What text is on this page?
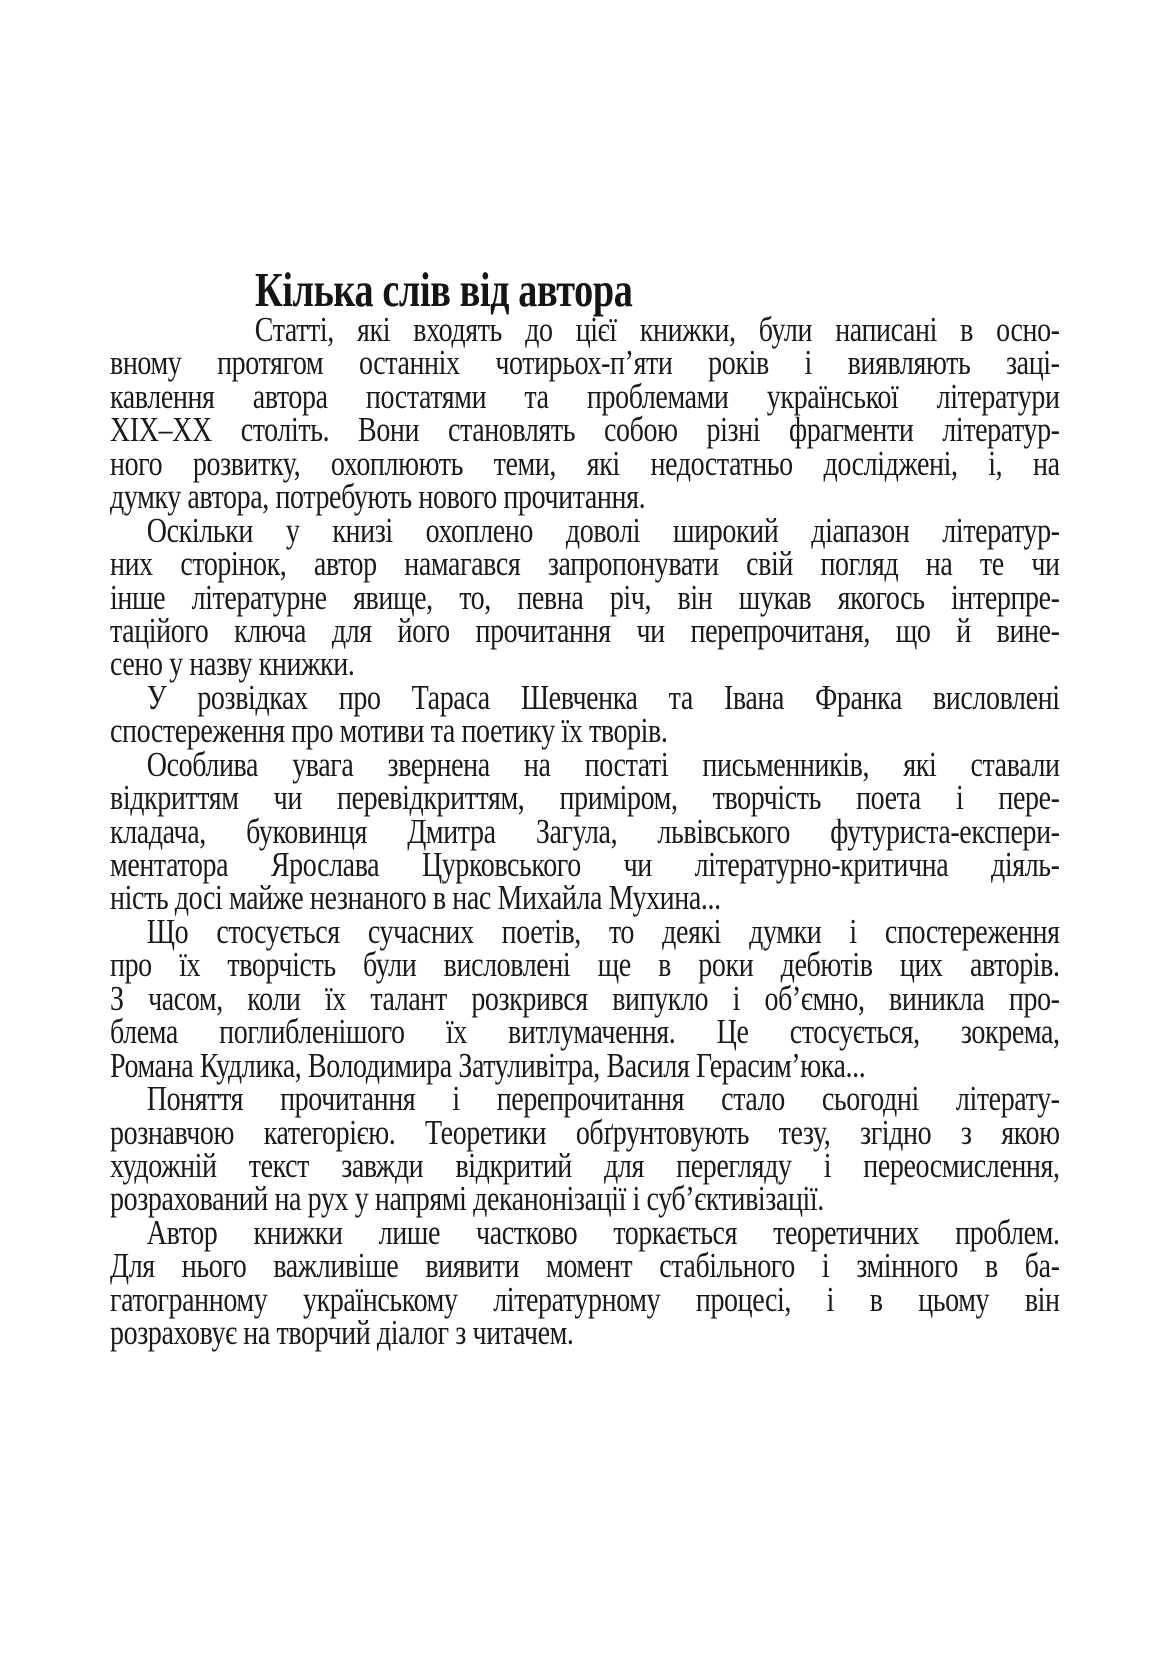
Кілька слів від автора
Статті, які входять до цієї книжки, були написані в осно-
вному протягом останніх чотирьох-п’яти років і виявляють заці-
кавлення автора постатями та проблемами української літератури
XIX–XX століть. Вони становлять собою різні фрагменти літератур-
ного розвитку, охоплюють теми, які недостатньо досліджені, і, на
думку автора, потребують нового прочитання.
Оскільки у книзі охоплено доволі широкий діапазон літератур-
них сторінок, автор намагався запропонувати свій погляд на те чи
інше літературне явище, то, певна річ, він шукав якогось інтерпре-
таційого ключа для його прочитання чи перепрочитаня, що й вине-
сено у назву книжки.
У розвідках про Тараса Шевченка та Івана Франка висловлені
спостереження про мотиви та поетику їх творів.
Особлива увага звернена на постаті письменників, які ставали
відкриттям чи перевідкриттям, приміром, творчість поета і пере-
кладача, буковинця Дмитра Загула, львівського футуриста-експери-
ментатора Ярослава Цурковського чи літературно-критична діяль-
ність досі майже незнаного в нас Михайла Мухина...
Що стосується сучасних поетів, то деякі думки і спостереження
про їх творчість були висловлені ще в роки дебютів цих авторів.
З часом, коли їх талант розкрився випукло і об’ємно, виникла про-
блема поглибленішого їх витлумачення. Це стосується, зокрема,
Романа Кудлика, Володимира Затуливітра, Василя Герасим’юка...
Поняття прочитання і перепрочитання стало сьогодні літерату-
рознавчою категорією. Теоретики обґрунтовують тезу, згідно з якою
художній текст завжди відкритий для перегляду і переосмислення,
розрахований на рух у напрямі деканонізації і суб’єктивізації.
Автор книжки лише частково торкається теоретичних проблем.
Для нього важливіше виявити момент стабільного і змінного в ба-
гатогранному українському літературному процесі, і в цьому він
розраховує на творчий діалог з читачем.
